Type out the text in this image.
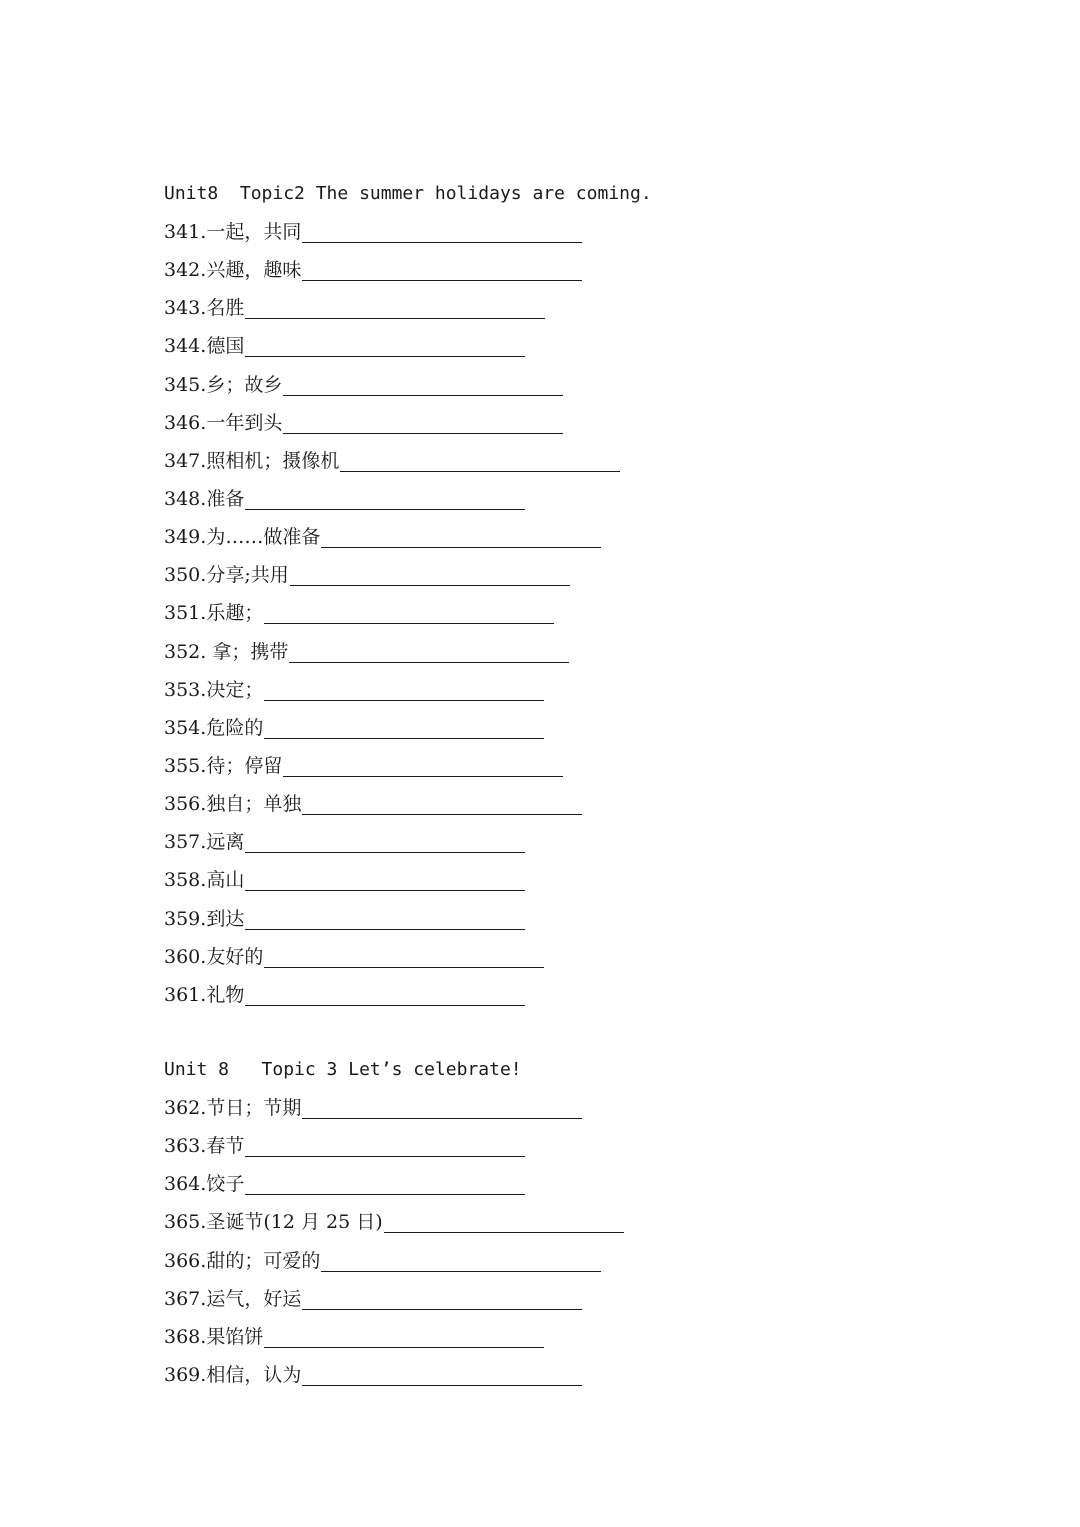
Unit8  Topic2 The summer holidays are coming.
341. 一起，共同
342. 兴趣，趣味
343. 名胜
344. 德国
345. 乡；故乡
346. 一年到头
347. 照相机；摄像机
348. 准备
349. 为……做准备
350. 分享;共用
351. 乐趣；
352. 拿；携带
353. 决定；
354. 危险的
355. 待；停留
356. 独自；单独
357. 远离
358. 高山
359. 到达
360. 友好的
361. 礼物
Unit 8   Topic 3 Let’s celebrate!
362. 节日；节期
363. 春节
364. 饺子
365. 圣诞节(12 月 25 日)
366. 甜的；可爱的
367. 运气，好运
368. 果馅饼
369. 相信，认为
